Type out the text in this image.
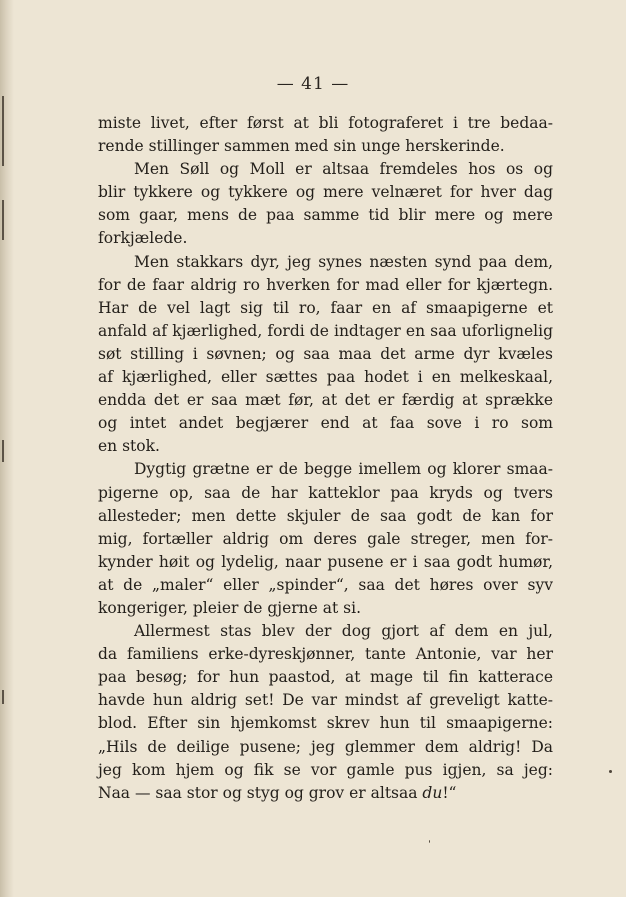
— 41 —
miste livet, efter først at bli fotograferet i tre bedaa-
rende stillinger sammen med sin unge herskerinde.
Men Søll og Moll er altsaa fremdeles hos os og
blir tykkere og tykkere og mere velnæret for hver dag
som gaar, mens de paa samme tid blir mere og mere
forkjælede.
Men stakkars dyr, jeg synes næsten synd paa dem,
for de faar aldrig ro hverken for mad eller for kjærtegn.
Har de vel lagt sig til ro, faar en af smaapigerne et
anfald af kjærlighed, fordi de indtager en saa uforlignelig
søt stilling i søvnen; og saa maa det arme dyr kvæles
af kjærlighed, eller sættes paa hodet i en melkeskaal,
endda det er saa mæt før, at det er færdig at sprække
og intet andet begjærer end at faa sove i ro som
en stok.
Dygtig grætne er de begge imellem og klorer smaa-
pigerne op, saa de har katteklor paa kryds og tvers
allesteder; men dette skjuler de saa godt de kan for
mig, fortæller aldrig om deres gale streger, men for-
kynder høit og lydelig, naar pusene er i saa godt humør,
at de „maler“ eller „spinder“, saa det høres over syv
kongeriger, pleier de gjerne at si.
Allermest stas blev der dog gjort af dem en jul,
da familiens erke-dyreskjønner, tante Antonie, var her
paa besøg; for hun paastod, at mage til fin katterace
havde hun aldrig set! De var mindst af greveligt katte-
blod. Efter sin hjemkomst skrev hun til smaapigerne:
„Hils de deilige pusene; jeg glemmer dem aldrig! Da
jeg kom hjem og fik se vor gamle pus igjen, sa jeg:
Naa — saa stor og styg og grov er altsaa du!“
